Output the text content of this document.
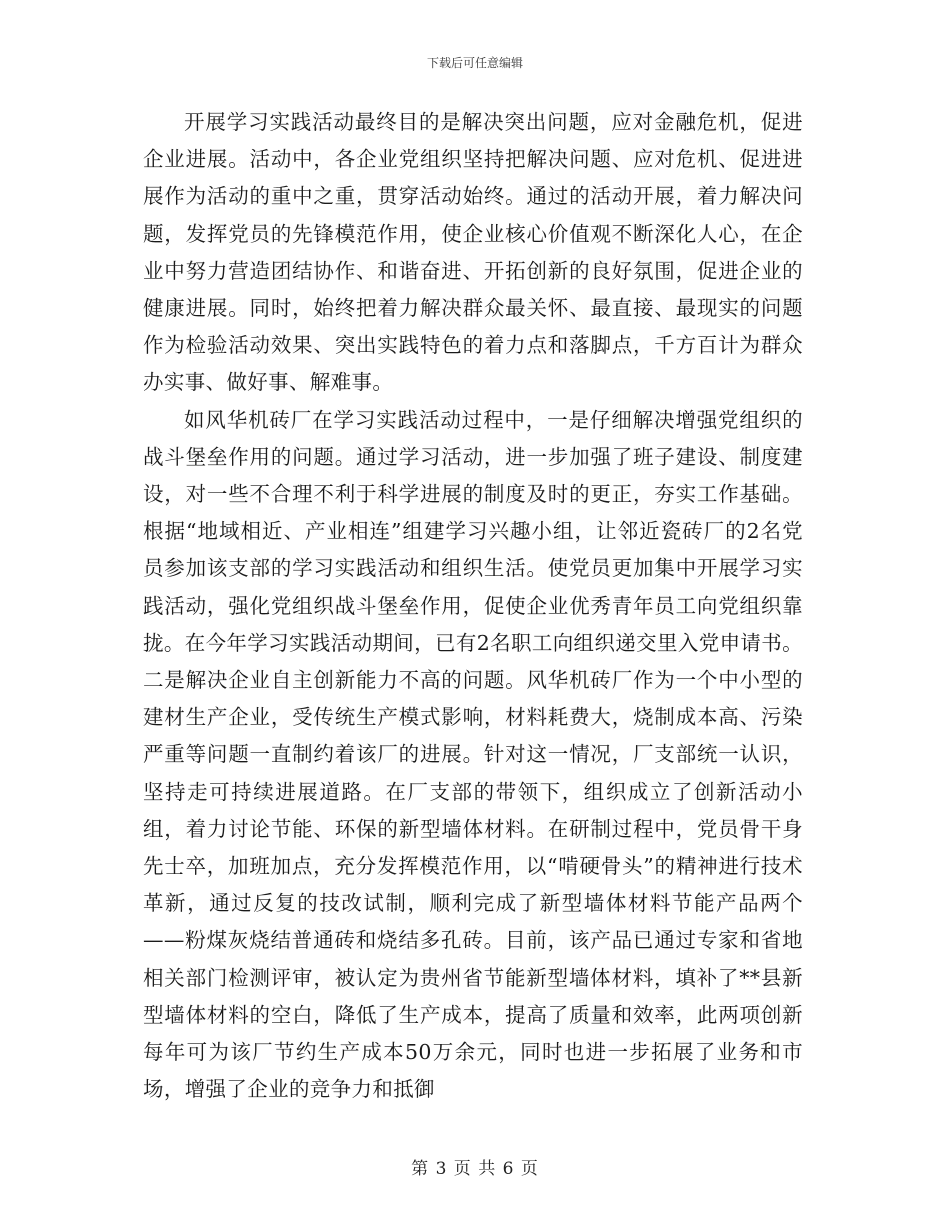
下载后可任意编辑

开展学习实践活动最终目的是解决突出问题，应对金融危机，促进企业进展。活动中，各企业党组织坚持把解决问题、应对危机、促进进展作为活动的重中之重，贯穿活动始终。通过的活动开展，着力解决问题，发挥党员的先锋模范作用，使企业核心价值观不断深化人心，在企业中努力营造团结协作、和谐奋进、开拓创新的良好氛围，促进企业的健康进展。同时，始终把着力解决群众最关怀、最直接、最现实的问题作为检验活动效果、突出实践特色的着力点和落脚点，千方百计为群众办实事、做好事、解难事。

如风华机砖厂在学习实践活动过程中，一是仔细解决增强党组织的战斗堡垒作用的问题。通过学习活动，进一步加强了班子建设、制度建设，对一些不合理不利于科学进展的制度及时的更正，夯实工作基础。根据“地域相近、产业相连”组建学习兴趣小组，让邻近瓷砖厂的2名党员参加该支部的学习实践活动和组织生活。使党员更加集中开展学习实践活动，强化党组织战斗堡垒作用，促使企业优秀青年员工向党组织靠拢。在今年学习实践活动期间，已有2名职工向组织递交里入党申请书。二是解决企业自主创新能力不高的问题。风华机砖厂作为一个中小型的建材生产企业，受传统生产模式影响，材料耗费大，烧制成本高、污染严重等问题一直制约着该厂的进展。针对这一情况，厂支部统一认识，坚持走可持续进展道路。在厂支部的带领下，组织成立了创新活动小组，着力讨论节能、环保的新型墙体材料。在研制过程中，党员骨干身先士卒，加班加点，充分发挥模范作用，以“啃硬骨头”的精神进行技术革新，通过反复的技改试制，顺利完成了新型墙体材料节能产品两个——粉煤灰烧结普通砖和烧结多孔砖。目前，该产品已通过专家和省地相关部门检测评审，被认定为贵州省节能新型墙体材料，填补了**县新型墙体材料的空白，降低了生产成本，提高了质量和效率，此两项创新每年可为该厂节约生产成本50万余元，同时也进一步拓展了业务和市场，增强了企业的竞争力和抵御

第 3 页 共 6 页
